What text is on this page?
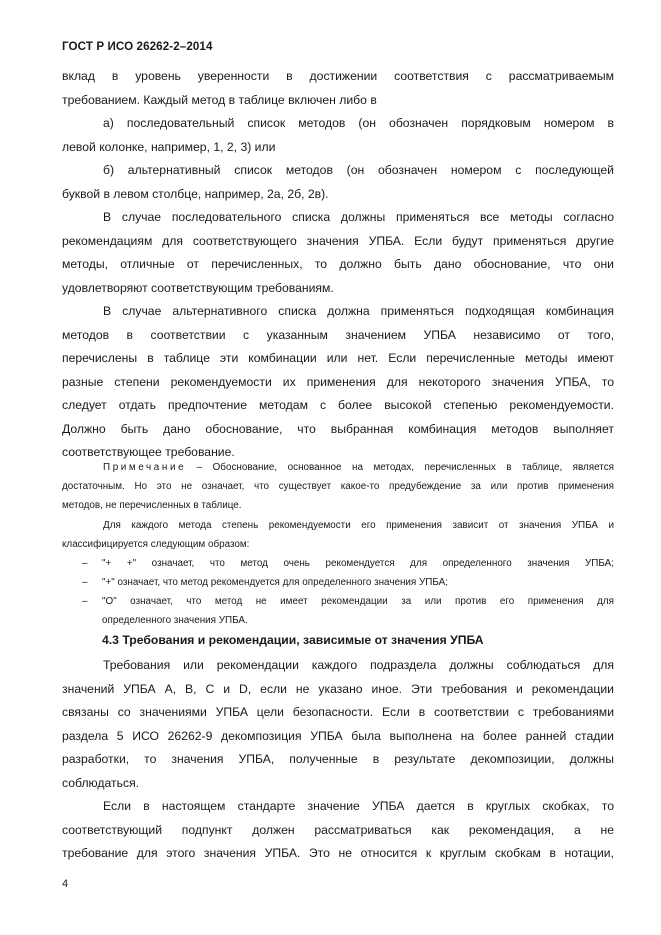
ГОСТ Р ИСО 26262-2–2014

вклад в уровень уверенности в достижении соответствия с рассматриваемым

требованием. Каждый метод в таблице включен либо в

а) последовательный список методов (он обозначен порядковым номером в

левой колонке, например, 1, 2, 3) или

б) альтернативный список методов (он обозначен номером с последующей

буквой в левом столбце, например, 2а, 2б, 2в).

В случае последовательного списка должны применяться все методы согласно

рекомендациям для соответствующего значения УПБА. Если будут применяться другие

методы, отличные от перечисленных, то должно быть дано обоснование, что они

удовлетворяют соответствующим требованиям.

В случае альтернативного списка должна применяться подходящая комбинация

методов в соответствии с указанным значением УПБА независимо от того,

перечислены в таблице эти комбинации или нет. Если перечисленные методы имеют

разные степени рекомендуемости их применения для некоторого значения УПБА, то

следует отдать предпочтение методам с более высокой степенью рекомендуемости.

Должно быть дано обоснование, что выбранная комбинация методов выполняет

соответствующее требование.

Примечание – Обоснование, основанное на методах, перечисленных в таблице, является

достаточным. Но это не означает, что существует какое-то предубеждение за или против применения

методов, не перечисленных в таблице.

Для каждого метода степень рекомендуемости его применения зависит от значения УПБА и

классифицируется следующим образом:

– "+ +" означает, что метод очень рекомендуется для определенного значения УПБА;

– "+" означает, что метод рекомендуется для определенного значения УПБА;

– "О" означает, что метод не имеет рекомендации за или против его применения для

определенного значения УПБА.

4.3 Требования и рекомендации, зависимые от значения УПБА

Требования или рекомендации каждого подраздела должны соблюдаться для

значений УПБА А, В, С и D, если не указано иное. Эти требования и рекомендации

связаны со значениями УПБА цели безопасности. Если в соответствии с требованиями

раздела 5 ИСО 26262-9 декомпозиция УПБА была выполнена на более ранней стадии

разработки, то значения УПБА, полученные в результате декомпозиции, должны

соблюдаться.

Если в настоящем стандарте значение УПБА дается в круглых скобках, то

соответствующий подпункт должен рассматриваться как рекомендация, а не

требование для этого значения УПБА. Это не относится к круглым скобкам в нотации,

4
